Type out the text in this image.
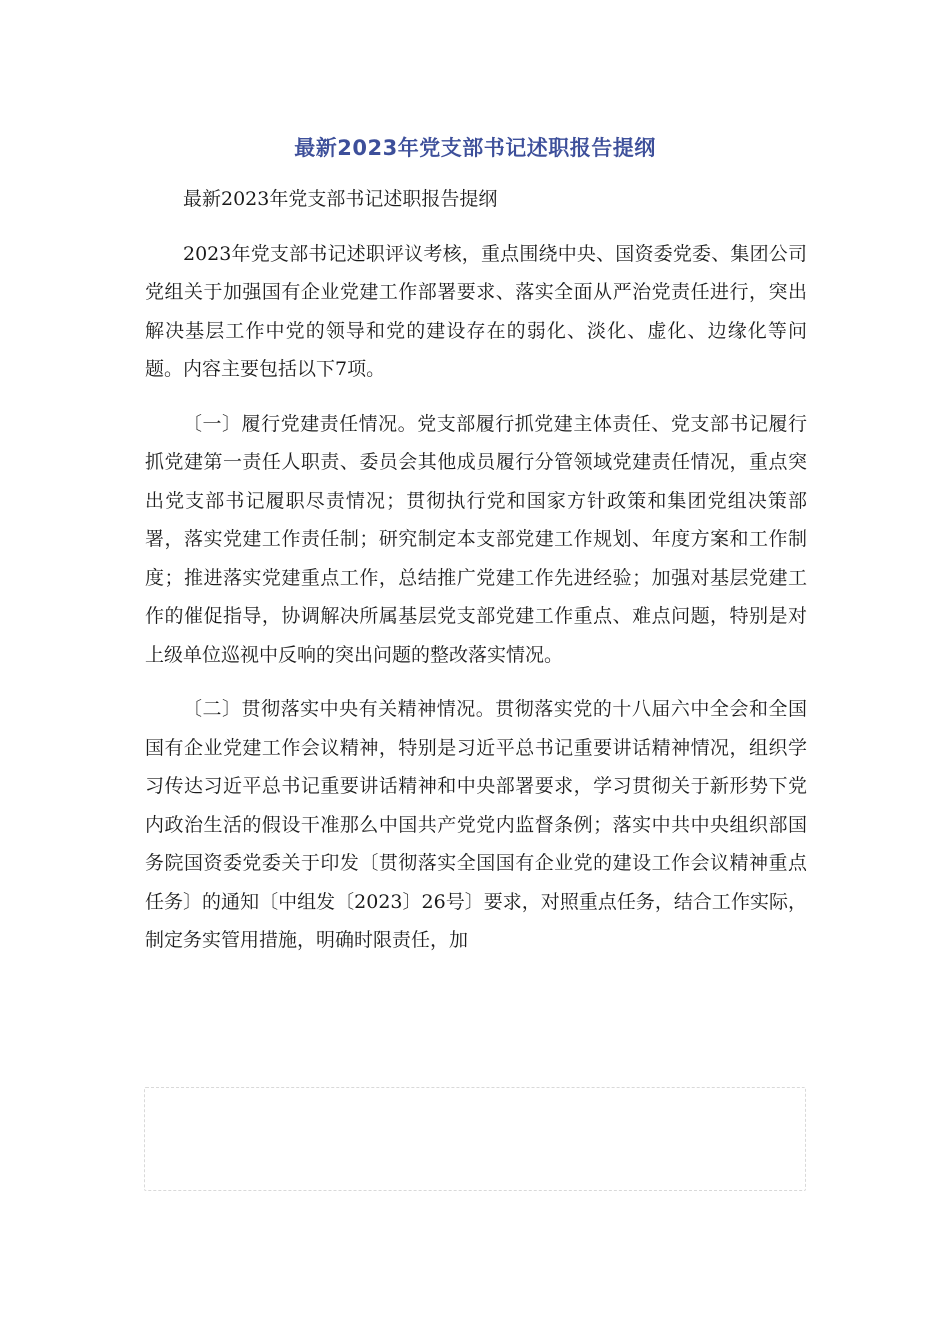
最新2023年党支部书记述职报告提纲

最新2023年党支部书记述职报告提纲

2023年党支部书记述职评议考核，重点围绕中央、国资委党委、集团公司党组关于加强国有企业党建工作部署要求、落实全面从严治党责任进行，突出解决基层工作中党的领导和党的建设存在的弱化、淡化、虚化、边缘化等问题。内容主要包括以下7项。

〔一〕履行党建责任情况。党支部履行抓党建主体责任、党支部书记履行抓党建第一责任人职责、委员会其他成员履行分管领域党建责任情况，重点突出党支部书记履职尽责情况；贯彻执行党和国家方针政策和集团党组决策部署，落实党建工作责任制；研究制定本支部党建工作规划、年度方案和工作制度；推进落实党建重点工作，总结推广党建工作先进经验；加强对基层党建工作的催促指导，协调解决所属基层党支部党建工作重点、难点问题，特别是对上级单位巡视中反响的突出问题的整改落实情况。

〔二〕贯彻落实中央有关精神情况。贯彻落实党的十八届六中全会和全国国有企业党建工作会议精神，特别是习近平总书记重要讲话精神情况，组织学习传达习近平总书记重要讲话精神和中央部署要求，学习贯彻关于新形势下党内政治生活的假设干准那么中国共产党党内监督条例；落实中共中央组织部国务院国资委党委关于印发〔贯彻落实全国国有企业党的建设工作会议精神重点任务〕的通知〔中组发〔2023〕26号〕要求，对照重点任务，结合工作实际，制定务实管用措施，明确时限责任，加
